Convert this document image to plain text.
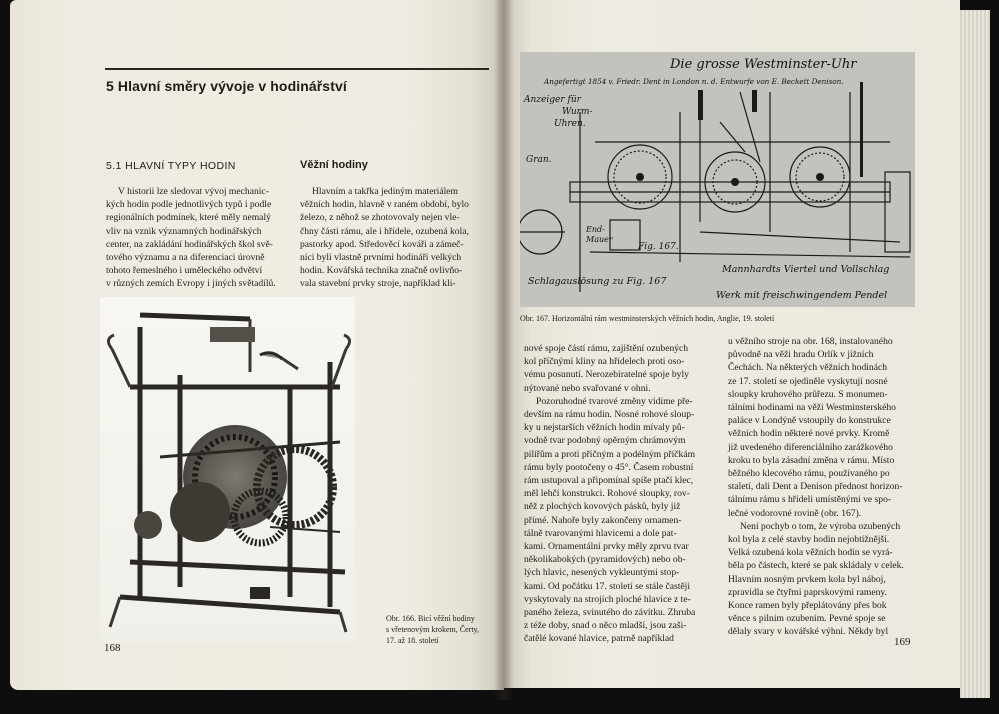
5 Hlavní směry vývoje v hodinářství
5.1 HLAVNÍ TYPY HODIN	Věžní hodiny
V historii lze sledovat vývoj mechanic-
kých hodin podle jednotlivých typů i podle
regionálních podmínek, které měly nemalý
vliv na vznik významných hodinářských
center, na zakládání hodinářských škol svě-
tového významu a na diferenciaci úrovně
tohoto řemeslného i uměleckého odvětví
v různých zemích Evropy i jiných světadílů.
Hlavním a takřka jediným materiálem
věžních hodin, hlavně v raném období, bylo
železo, z něhož se zhotovovaly nejen vle-
čhny části rámu, ale i hřídele, ozubená kola,
pastorky apod. Středověcí kováři a zámeč-
níci byli vlastně prvními hodináři velkých
hodin. Kovářská technika značně ovlivňo-
vala stavební prvky stroje, například kli-
Obr. 166. Bicí věžní hodiny
s vřetenovým krokem, Čerty,
17. až 18. století
168
Die grosse Westminster-Uhr
Angefertigt 1854 v. Friedr. Dent in London n. d. Entwurfe von E. Beckett Denison.
Anzeiger für
Wurm-
Uhren.
Gran.
Fig. 167.
End-
Mauer
Schlagauslösung zu Fig. 167
Mannhardts Viertel und Vollschlag
Werk mit freischwingendem Pendel
Obr. 167. Horizontální rám westminsterských věžních hodin, Anglie, 19. století
nové spoje částí rámu, zajištění ozubených
kol příčnými kliny na hřídelech proti oso-
vému posunutí. Nerozebíratelné spoje byly
nýtované nebo svařované v ohni.
Pozoruhodné tvarové změny vidíme pře-
devším na rámu hodin. Nosné rohové sloup-
ky u nejstarších věžních hodin mívaly pů-
vodně tvar podobný opěrným chrámovým
pilířům a proti příčným a podélným příčkám
rámu byly pootočeny o 45°. Časem robustní
rám ustupoval a připomínal spíše ptačí klec,
měl lehčí konstrukci. Rohové sloupky, rov-
něž z plochých kovových pásků, byly již
přímé. Nahoře byly zakončeny ornamen-
tálně tvarovanými hlavicemi a dole pat-
kami. Ornamentální prvky měly zprvu tvar
několikabokých (pyramidových) nebo ob-
lých hlavic, nesených vykleuntými stop-
kami. Od počátku 17. století se stále častěji
vyskytovaly na strojích ploché hlavice z te-
paného železa, svinutého do závitku. Zhruba
z téže doby, snad o něco mladší, jsou zaši-
čatělé kované hlavice, patrně například
u věžního stroje na obr. 168, instalovaného
původně na věži hradu Orlík v jižních
Čechách. Na některých věžních hodinách
ze 17. století se ojediněle vyskytují nosné
sloupky kruhového průřezu. S monumen-
tálními hodinami na věži Westminsterského
paláce v Londýně vstoupily do konstrukce
věžních hodin některé nové prvky. Kromě
již uvedeného diferenciálního zarážkového
kroku to byla zásadní změna v rámu. Místo
běžného klecového rámu, používaného po
staletí, dali Dent a Denison přednost horizon-
tálnímu rámu s hřídeli umístěnými ve spo-
lečné vodorovné rovině (obr. 167).
Není pochyb o tom, že výroba ozubených
kol byla z celé stavby hodin nejobtížnější.
Velká ozubená kola věžních hodin se vyrá-
běla po částech, které se pak skládaly v celek.
Hlavním nosným prvkem kola byl náboj,
zpravidla se čtyřmi paprskovými rameny.
Konce ramen byly přeplátovány přes bok
věnce s pilním ozubením. Pevné spoje se
dělaly svary v kovářské výhni. Někdy byl
169
